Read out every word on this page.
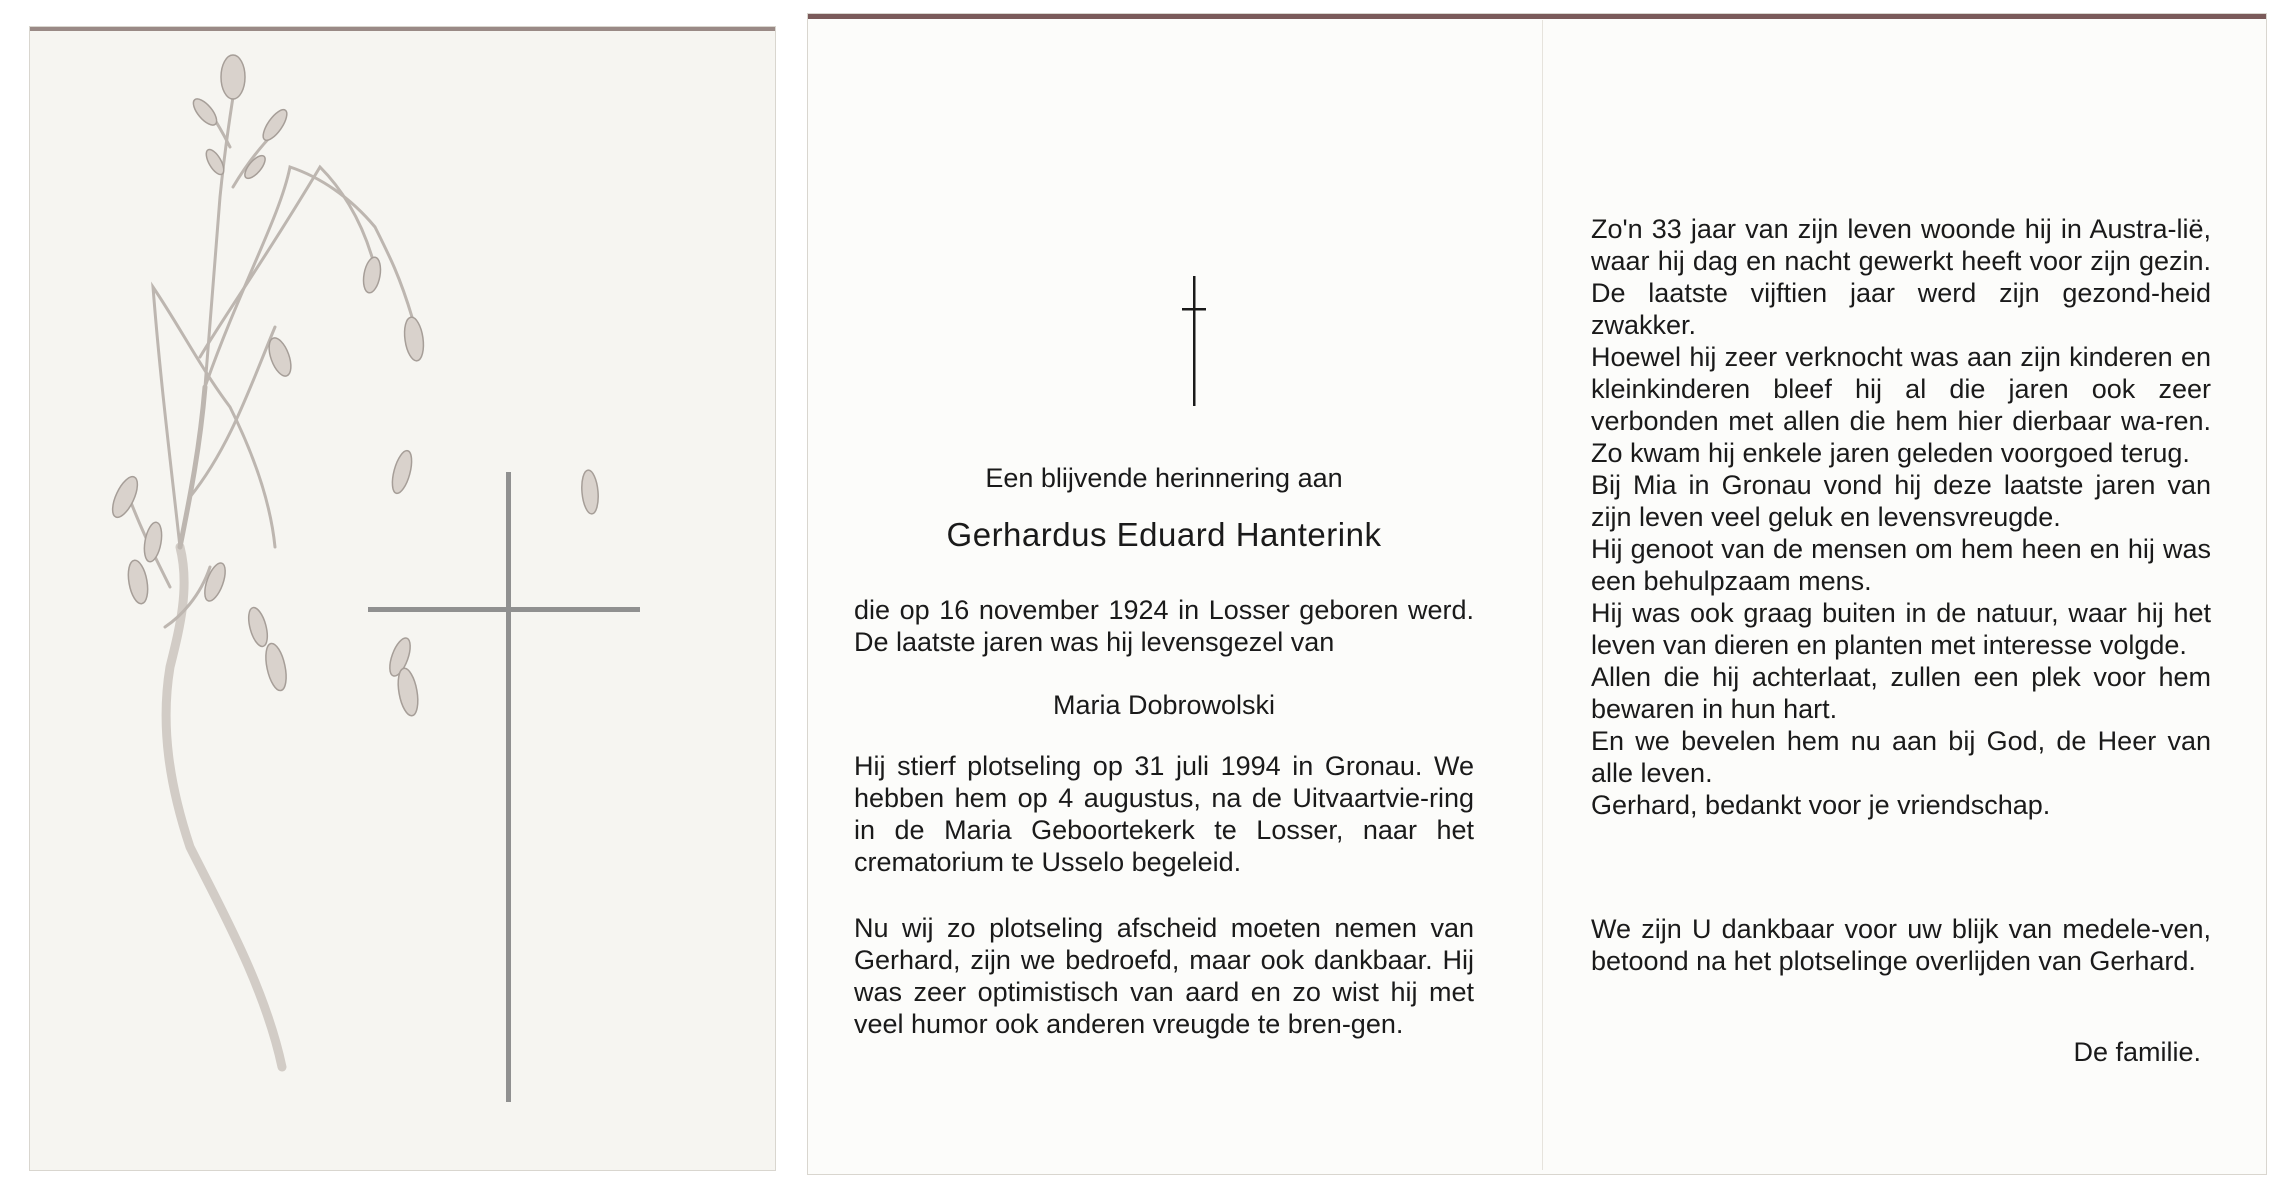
Een blijvende herinnering aan
Gerhardus Eduard Hanterink

die op 16 november 1924 in Losser geboren werd. De laatste jaren was hij levensgezel van

Maria Dobrowolski

Hij stierf plotseling op 31 juli 1994 in Gronau. We hebben hem op 4 augustus, na de Uitvaartvie-ring in de Maria Geboortekerk te Losser, naar het crematorium te Usselo begeleid.

Nu wij zo plotseling afscheid moeten nemen van Gerhard, zijn we bedroefd, maar ook dankbaar. Hij was zeer optimistisch van aard en zo wist hij met veel humor ook anderen vreugde te bren-gen.

Zo'n 33 jaar van zijn leven woonde hij in Austra-lië, waar hij dag en nacht gewerkt heeft voor zijn gezin. De laatste vijftien jaar werd zijn gezond-heid zwakker.

Hoewel hij zeer verknocht was aan zijn kinderen en kleinkinderen bleef hij al die jaren ook zeer verbonden met allen die hem hier dierbaar wa-ren. Zo kwam hij enkele jaren geleden voorgoed terug.

Bij Mia in Gronau vond hij deze laatste jaren van zijn leven veel geluk en levensvreugde.

Hij genoot van de mensen om hem heen en hij was een behulpzaam mens.

Hij was ook graag buiten in de natuur, waar hij het leven van dieren en planten met interesse volgde.

Allen die hij achterlaat, zullen een plek voor hem bewaren in hun hart.

En we bevelen hem nu aan bij God, de Heer van alle leven.

Gerhard, bedankt voor je vriendschap.

We zijn U dankbaar voor uw blijk van medele-ven, betoond na het plotselinge overlijden van Gerhard.

De familie.
